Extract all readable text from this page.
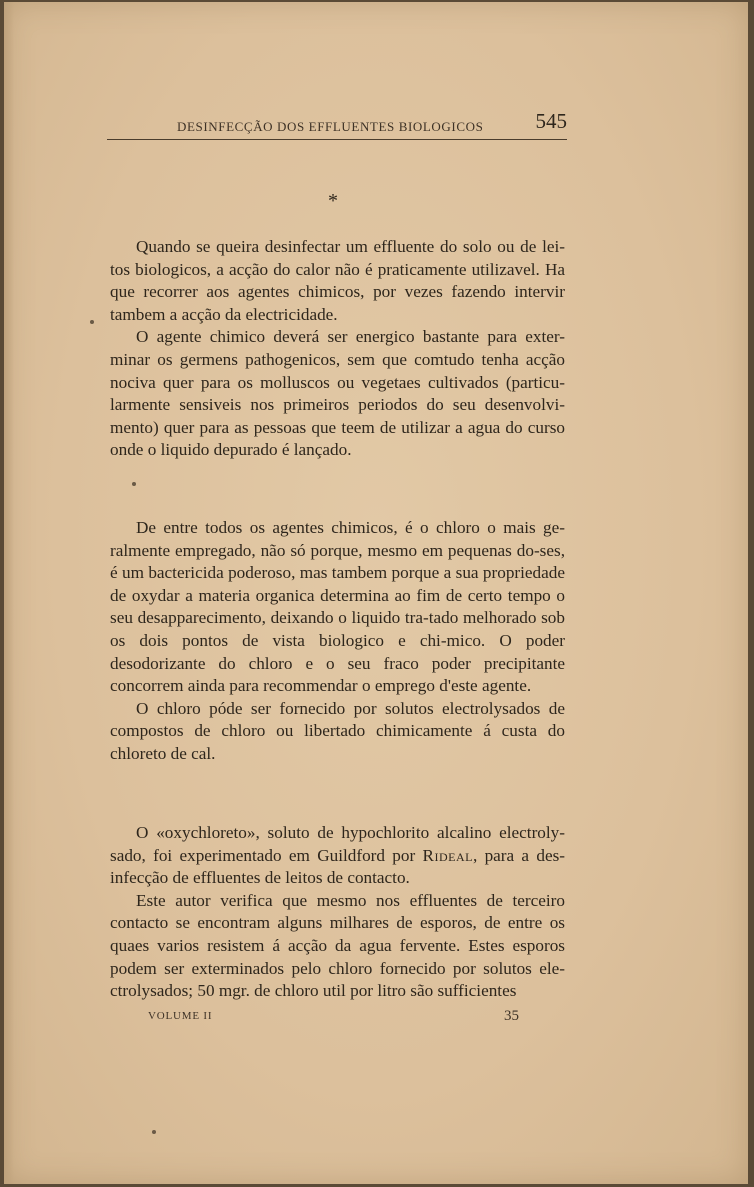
DESINFECÇÃO DOS EFFLUENTES BIOLOGICOS 545
*

Quando se queira desinfectar um effluente do solo ou de lei-tos biologicos, a acção do calor não é praticamente utilizavel. Ha que recorrer aos agentes chimicos, por vezes fazendo intervir tambem a acção da electricidade.

O agente chimico deverá ser energico bastante para exter-minar os germens pathogenicos, sem que comtudo tenha acção nociva quer para os molluscos ou vegetaes cultivados (particu-larmente sensiveis nos primeiros periodos do seu desenvolvi-mento) quer para as pessoas que teem de utilizar a agua do curso onde o liquido depurado é lançado.

De entre todos os agentes chimicos, é o chloro o mais ge-ralmente empregado, não só porque, mesmo em pequenas do-ses, é um bactericida poderoso, mas tambem porque a sua propriedade de oxydar a materia organica determina ao fim de certo tempo o seu desapparecimento, deixando o liquido tra-tado melhorado sob os dois pontos de vista biologico e chi-mico. O poder desodorizante do chloro e o seu fraco poder precipitante concorrem ainda para recommendar o emprego d'este agente.

O chloro póde ser fornecido por solutos electrolysados de compostos de chloro ou libertado chimicamente á custa do chloreto de cal.

O «oxychloreto», soluto de hypochlorito alcalino electroly-sado, foi experimentado em Guildford por Rideal, para a des-infecção de effluentes de leitos de contacto.

Este autor verifica que mesmo nos effluentes de terceiro contacto se encontram alguns milhares de esporos, de entre os quaes varios resistem á acção da agua fervente. Estes esporos podem ser exterminados pelo chloro fornecido por solutos ele-ctrolysados; 50 mgr. de chloro util por litro são sufficientes

VOLUME II	35
